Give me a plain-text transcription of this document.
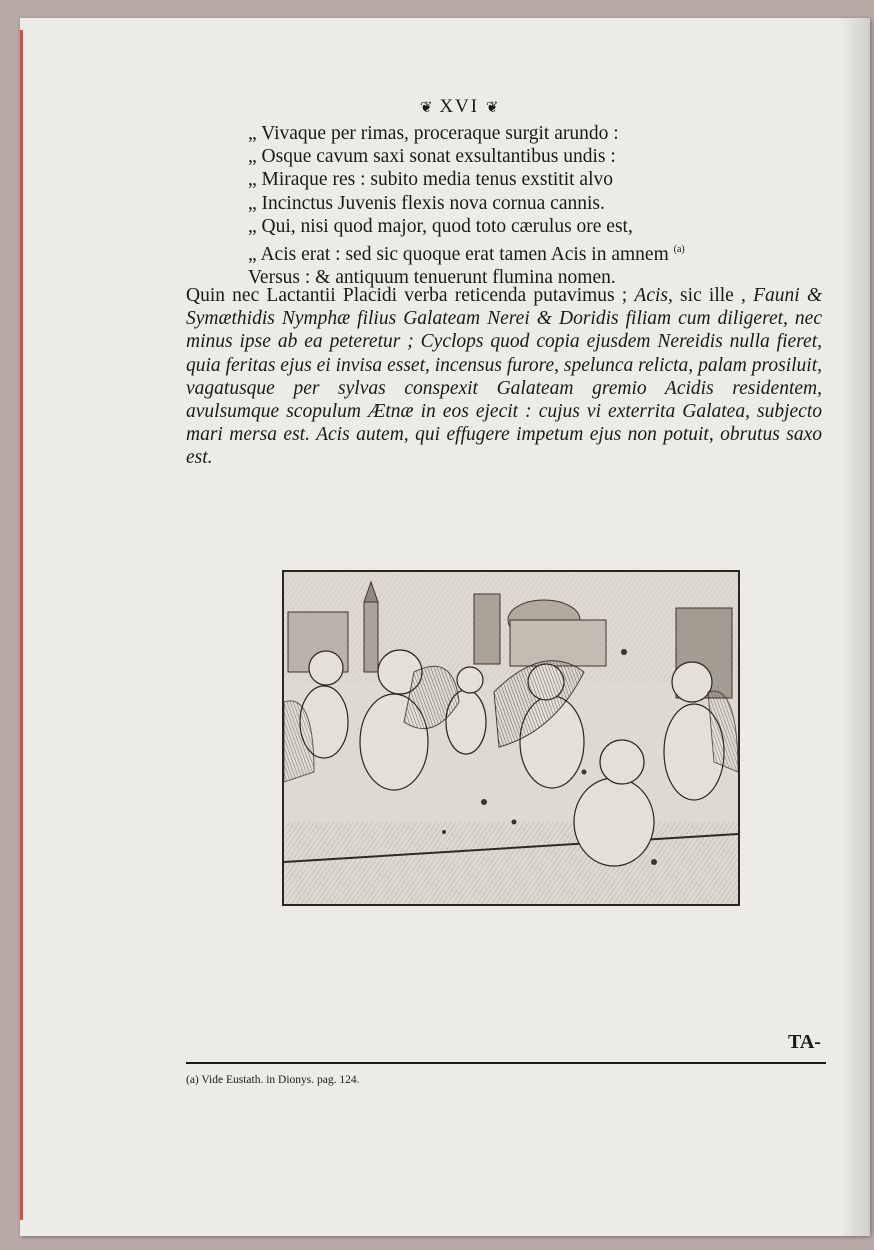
❦ XVI ❦
„ Vivaque per rimas, proceraque surgit arundo :
„ Osque cavum saxi sonat exsultantibus undis :
„ Miraque res : subito media tenus exstitit alvo
„ Incinctus Juvenis flexis nova cornua cannis.
„ Qui, nisi quod major, quod toto cærulus ore est,
„ Acis erat : sed sic quoque erat tamen Acis in amnem $^{(a)}$
Versus : & antiquum tenuerunt flumina nomen.
Quin nec Lactantii Placidi verba reticenda putavimus ; Acis, sic ille , Fauni & Symæthidis Nymphæ filius Galateam Nerei & Doridis filiam cum diligeret, nec minus ipse ab ea peteretur ; Cyclops quod copia ejusdem Nereidis nulla fieret, quia feritas ejus ei invisa esset, incensus furore, spelunca relicta, palam prosiluit, vagatusque per sylvas conspexit Galateam gremio Acidis residentem, avulsumque scopulum Ætnæ in eos ejecit : cujus vi exterrita Galatea, subjecto mari mersa est. Acis autem, qui effugere impetum ejus non potuit, obrutus saxo est.
TA-
(a) Vide Eustath. in Dionys. pag. 124.
